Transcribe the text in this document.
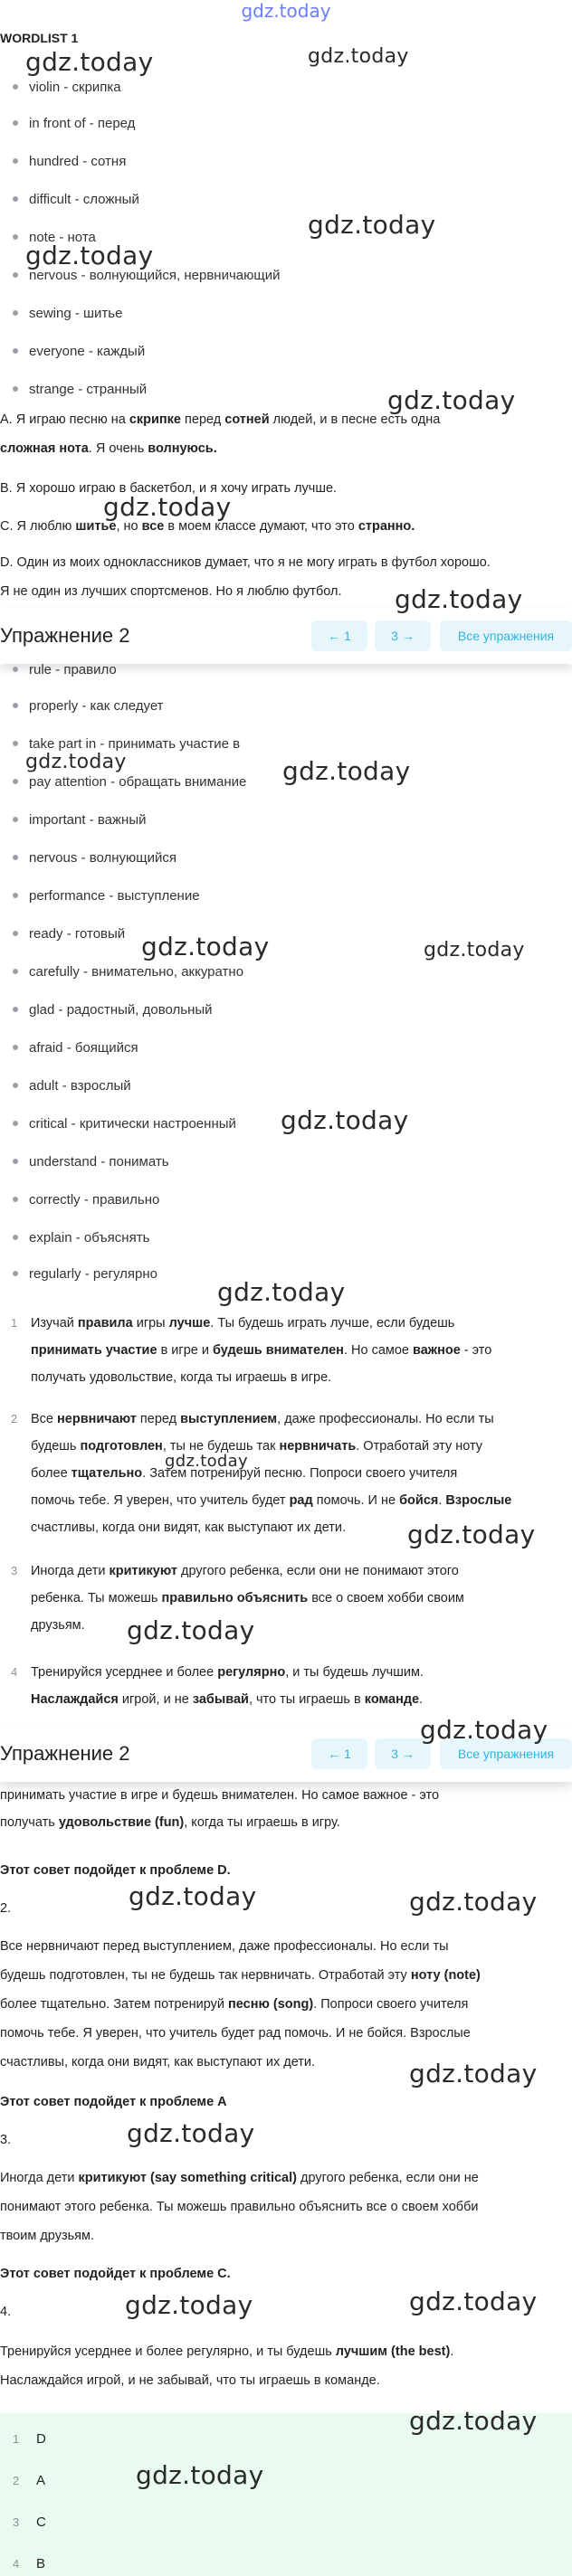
gdz.today
WORDLIST 1
violin - скрипка
in front of - перед
hundred - сотня
difficult - сложный
note - нота
nervous - волнующийся, нервничающий
sewing - шитье
everyone - каждый
strange - странный
A. Я играю песню на скрипке перед сотней людей, и в песне есть одна
сложная нота. Я очень волнуюсь.
B. Я хорошо играю в баскетбол, и я хочу играть лучше.
C. Я люблю шитье, но все в моем классе думают, что это странно.
D. Один из моих одноклассников думает, что я не могу играть в футбол хорошо.
Я не один из лучших спортсменов. Но я люблю футбол.
Упражнение 2	← 1	3 →	Все упражнения
rule - правило
properly - как следует
take part in - принимать участие в
pay attention - обращать внимание
important - важный
nervous - волнующийся
performance - выступление
ready - готовый
carefully - внимательно, аккуратно
glad - радостный, довольный
afraid - боящийся
adult - взрослый
critical - критически настроенный
understand - понимать
correctly - правильно
explain - объяснять
regularly - регулярно
1 Изучай правила игры лучше. Ты будешь играть лучше, если будешь
принимать участие в игре и будешь внимателен. Но самое важное - это
получать удовольствие, когда ты играешь в игре.
2 Все нервничают перед выступлением, даже профессионалы. Но если ты
будешь подготовлен, ты не будешь так нервничать. Отработай эту ноту
более тщательно. Затем потренируй песню. Попроси своего учителя
помочь тебе. Я уверен, что учитель будет рад помочь. И не бойся. Взрослые
счастливы, когда они видят, как выступают их дети.
3 Иногда дети критикуют другого ребенка, если они не понимают этого
ребенка. Ты можешь правильно объяснить все о своем хобби своим
друзьям.
4 Тренируйся усерднее и более регулярно, и ты будешь лучшим.
Наслаждайся игрой, и не забывай, что ты играешь в команде.
Упражнение 2	← 1	3 →	Все упражнения
принимать участие в игре и будешь внимателен. Но самое важное - это
получать удовольствие (fun), когда ты играешь в игру.
Этот совет подойдет к проблеме D.
2.
Все нервничают перед выступлением, даже профессионалы. Но если ты
будешь подготовлен, ты не будешь так нервничать. Отработай эту ноту (note)
более тщательно. Затем потренируй песню (song). Попроси своего учителя
помочь тебе. Я уверен, что учитель будет рад помочь. И не бойся. Взрослые
счастливы, когда они видят, как выступают их дети.
Этот совет подойдет к проблеме A
3.
Иногда дети критикуют (say something critical) другого ребенка, если они не
понимают этого ребенка. Ты можешь правильно объяснить все о своем хобби
твоим друзьям.
Этот совет подойдет к проблеме C.
4.
Тренируйся усерднее и более регулярно, и ты будешь лучшим (the best).
Наслаждайся игрой, и не забывай, что ты играешь в команде.
1 D
2 A
3 C
4 B
gdz.today	gdz.today
gdz.today
gdz.today
gdz.today
gdz.today
gdz.today
gdz.today	gdz.today
gdz.today	gdz.today
gdz.today
gdz.today
gdz.today
gdz.today
gdz.today
gdz.today
gdz.today	gdz.today
gdz.today
gdz.today
gdz.today	gdz.today
gdz.today
gdz.today
